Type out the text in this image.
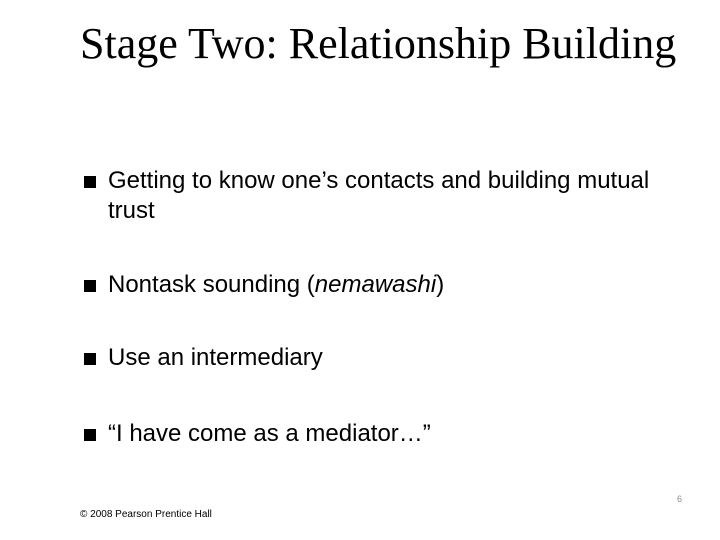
Stage Two: Relationship Building
Getting to know one’s contacts and building mutual trust
Nontask sounding (nemawashi)
Use an intermediary
“I have come as a mediator…”
6
© 2008 Pearson Prentice Hall
